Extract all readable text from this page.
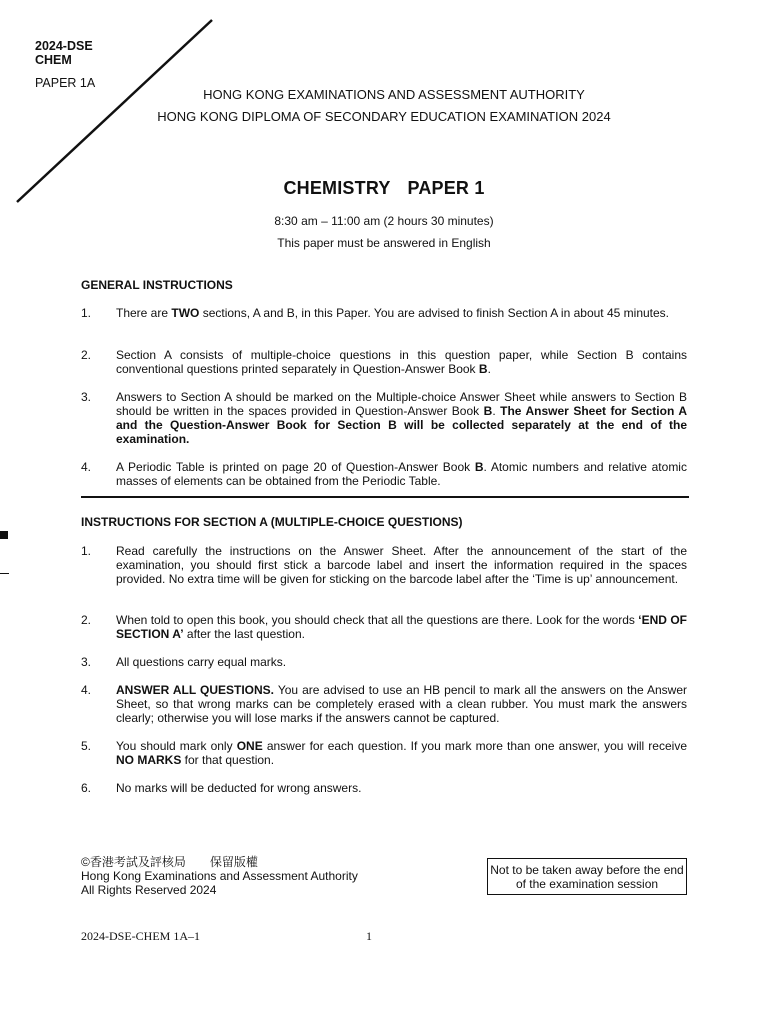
2024-DSE
CHEM
PAPER 1A
HONG KONG EXAMINATIONS AND ASSESSMENT AUTHORITY
HONG KONG DIPLOMA OF SECONDARY EDUCATION EXAMINATION 2024
CHEMISTRY PAPER 1
8:30 am – 11:00 am (2 hours 30 minutes)
This paper must be answered in English
GENERAL INSTRUCTIONS
1.	There are TWO sections, A and B, in this Paper. You are advised to finish Section A in about 45 minutes.
2.	Section A consists of multiple-choice questions in this question paper, while Section B contains conventional questions printed separately in Question-Answer Book B.
3.	Answers to Section A should be marked on the Multiple-choice Answer Sheet while answers to Section B should be written in the spaces provided in Question-Answer Book B. The Answer Sheet for Section A and the Question-Answer Book for Section B will be collected separately at the end of the examination.
4.	A Periodic Table is printed on page 20 of Question-Answer Book B. Atomic numbers and relative atomic masses of elements can be obtained from the Periodic Table.
INSTRUCTIONS FOR SECTION A (MULTIPLE-CHOICE QUESTIONS)
1.	Read carefully the instructions on the Answer Sheet. After the announcement of the start of the examination, you should first stick a barcode label and insert the information required in the spaces provided. No extra time will be given for sticking on the barcode label after the ‘Time is up’ announcement.
2.	When told to open this book, you should check that all the questions are there. Look for the words ‘END OF SECTION A’ after the last question.
3.	All questions carry equal marks.
4.	ANSWER ALL QUESTIONS. You are advised to use an HB pencil to mark all the answers on the Answer Sheet, so that wrong marks can be completely erased with a clean rubber. You must mark the answers clearly; otherwise you will lose marks if the answers cannot be captured.
5.	You should mark only ONE answer for each question. If you mark more than one answer, you will receive NO MARKS for that question.
6.	No marks will be deducted for wrong answers.
©香港考試及評核局　　保留版權
Hong Kong Examinations and Assessment Authority
All Rights Reserved 2024
Not to be taken away before the end of the examination session
2024-DSE-CHEM 1A–1	1
